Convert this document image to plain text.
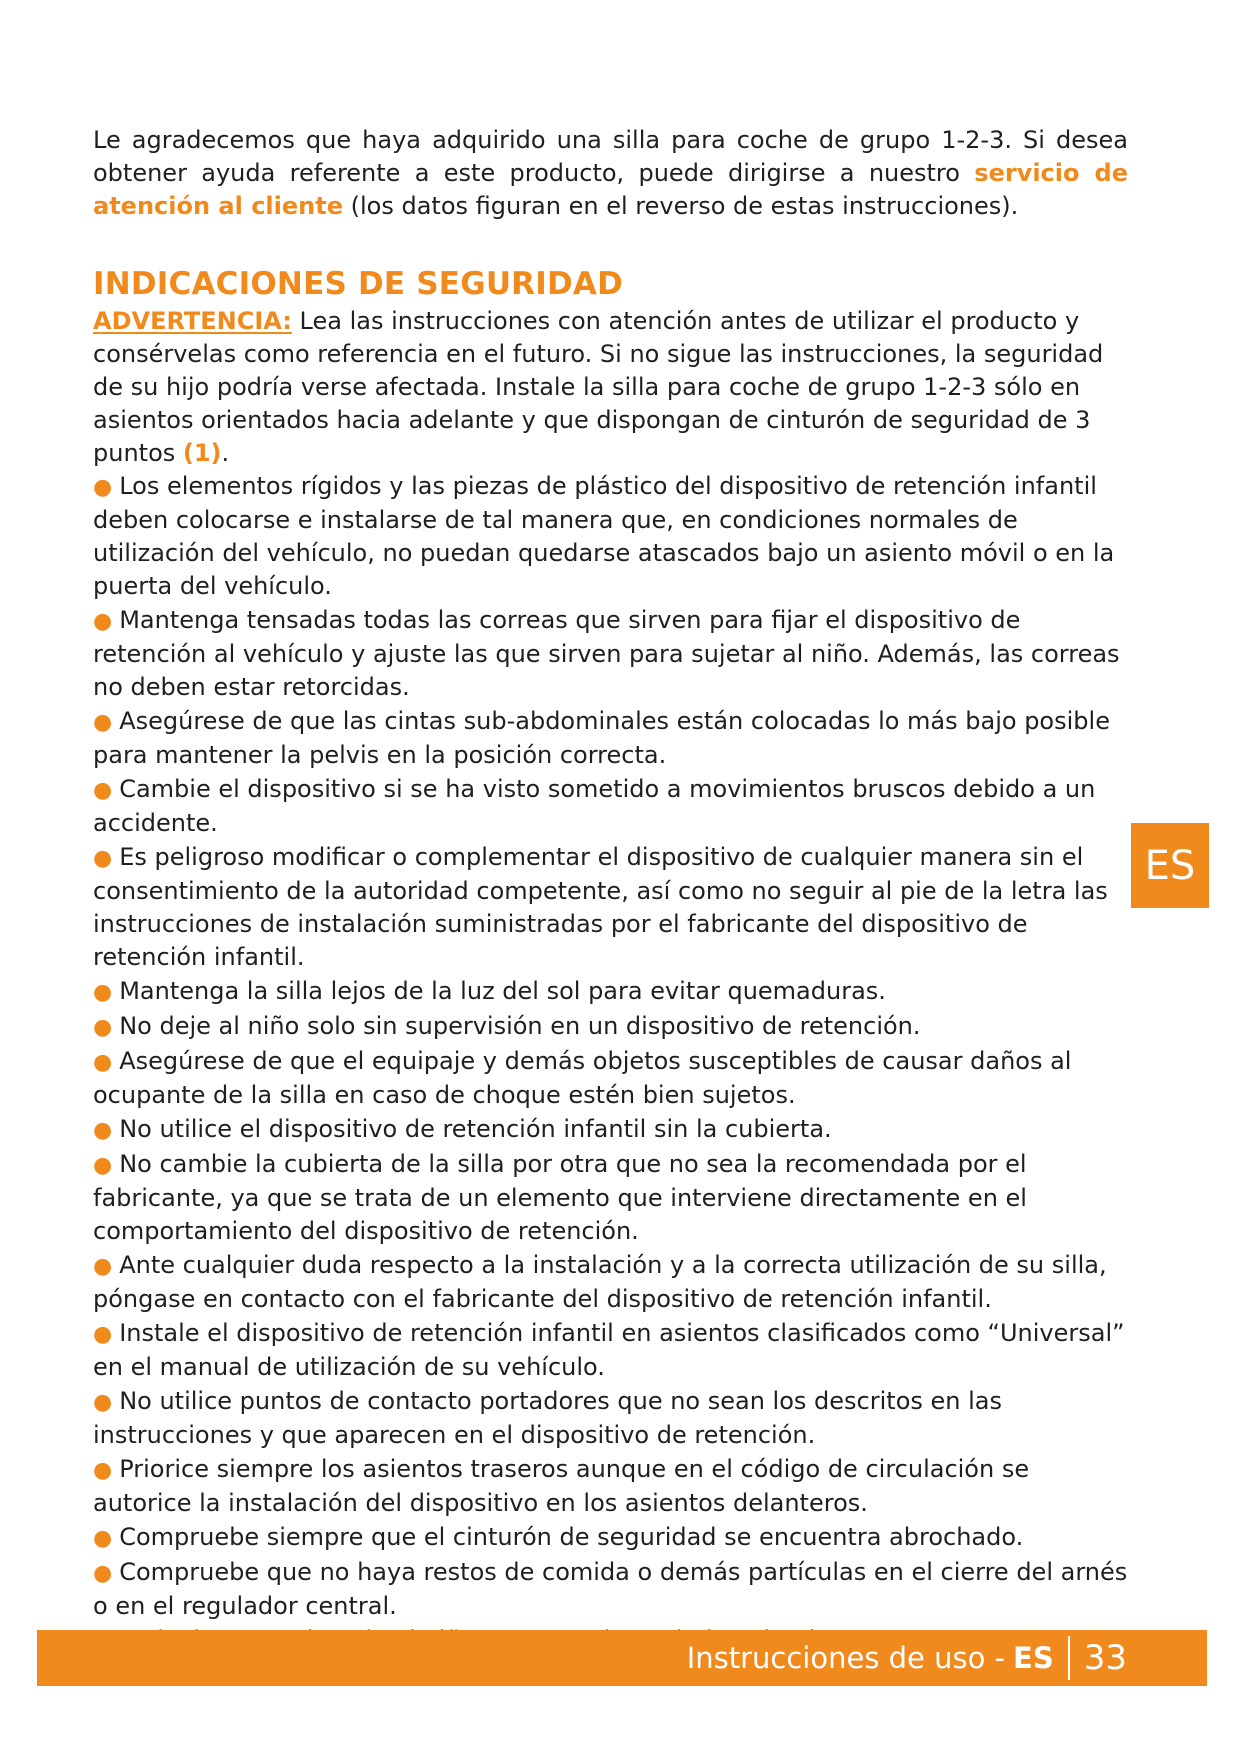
Le agradecemos que haya adquirido una silla para coche de grupo 1-2-3. Si desea obtener ayuda referente a este producto, puede dirigirse a nuestro servicio de atención al cliente (los datos figuran en el reverso de estas instrucciones).

INDICACIONES DE SEGURIDAD

ADVERTENCIA: Lea las instrucciones con atención antes de utilizar el producto y consérvelas como referencia en el futuro. Si no sigue las instrucciones, la seguridad de su hijo podría verse afectada. Instale la silla para coche de grupo 1-2-3 sólo en asientos orientados hacia adelante y que dispongan de cinturón de seguridad de 3 puntos (1).

● Los elementos rígidos y las piezas de plástico del dispositivo de retención infantil deben colocarse e instalarse de tal manera que, en condiciones normales de utilización del vehículo, no puedan quedarse atascados bajo un asiento móvil o en la puerta del vehículo.
● Mantenga tensadas todas las correas que sirven para fijar el dispositivo de retención al vehículo y ajuste las que sirven para sujetar al niño. Además, las correas no deben estar retorcidas.
● Asegúrese de que las cintas sub-abdominales están colocadas lo más bajo posible para mantener la pelvis en la posición correcta.
● Cambie el dispositivo si se ha visto sometido a movimientos bruscos debido a un accidente.
● Es peligroso modificar o complementar el dispositivo de cualquier manera sin el consentimiento de la autoridad competente, así como no seguir al pie de la letra las instrucciones de instalación suministradas por el fabricante del dispositivo de retención infantil.
● Mantenga la silla lejos de la luz del sol para evitar quemaduras.
● No deje al niño solo sin supervisión en un dispositivo de retención.
● Asegúrese de que el equipaje y demás objetos susceptibles de causar daños al ocupante de la silla en caso de choque estén bien sujetos.
● No utilice el dispositivo de retención infantil sin la cubierta.
● No cambie la cubierta de la silla por otra que no sea la recomendada por el fabricante, ya que se trata de un elemento que interviene directamente en el comportamiento del dispositivo de retención.
● Ante cualquier duda respecto a la instalación y a la correcta utilización de su silla, póngase en contacto con el fabricante del dispositivo de retención infantil.
● Instale el dispositivo de retención infantil en asientos clasificados como “Universal” en el manual de utilización de su vehículo.
● No utilice puntos de contacto portadores que no sean los descritos en las instrucciones y que aparecen en el dispositivo de retención.
● Priorice siempre los asientos traseros aunque en el código de circulación se autorice la instalación del dispositivo en los asientos delanteros.
● Compruebe siempre que el cinturón de seguridad se encuentra abrochado.
● Compruebe que no haya restos de comida o demás partículas en el cierre del arnés o en el regulador central.
ES
Instrucciones de uso - ES 33
